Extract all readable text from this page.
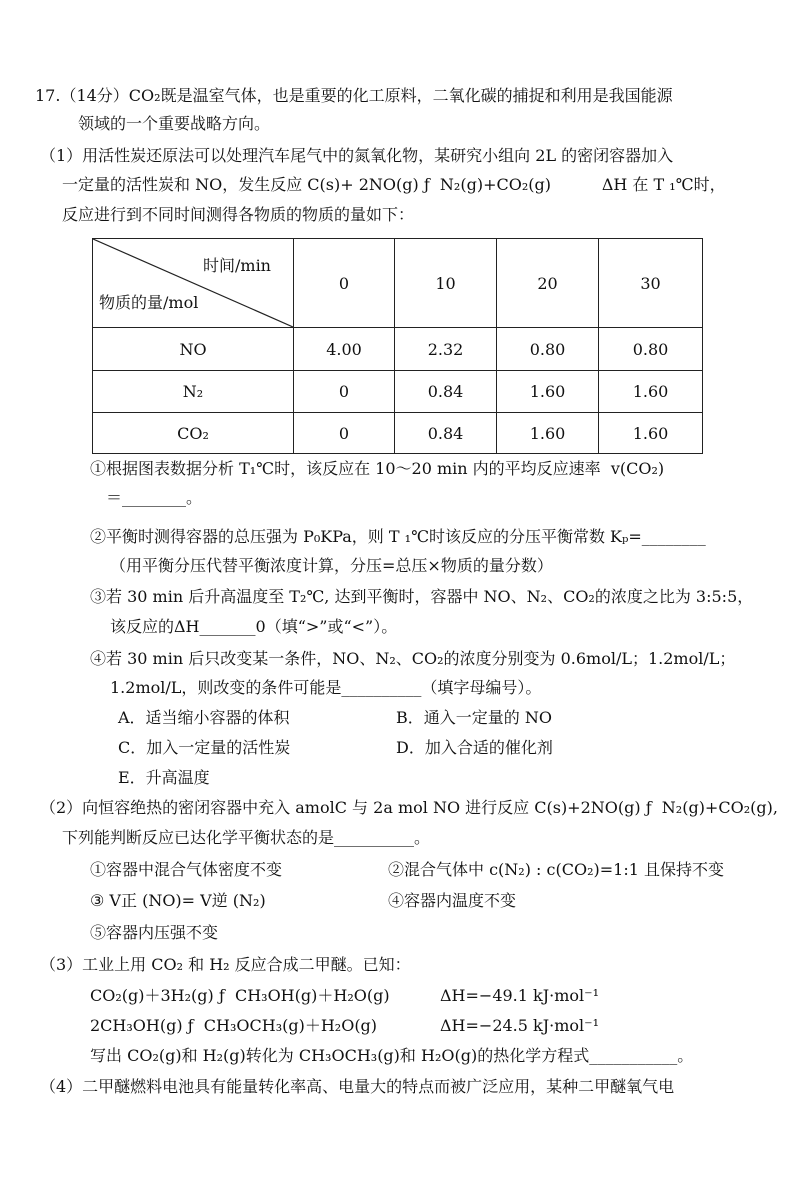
17.（14分）CO₂既是温室气体，也是重要的化工原料，二氧化碳的捕捉和利用是我国能源
领域的一个重要战略方向。
（1）用活性炭还原法可以处理汽车尾气中的氮氧化物，某研究小组向 2L 的密闭容器加入
一定量的活性炭和 NO，发生反应 C(s)+ 2NO(g) ƒ  N₂(g)+CO₂(g)          ΔH 在 T ₁℃时，
反应进行到不同时间测得各物质的物质的量如下：
时间/min
物质的量/mol	0	10	20	30
NO	4.00	2.32	0.80	0.80
N₂	0	0.84	1.60	1.60
CO₂	0	0.84	1.60	1.60
①根据图表数据分析 T₁℃时，该反应在 10～20 min 内的平均反应速率  v(CO₂)
＝________。
②平衡时测得容器的总压强为 P₀KPa，则 T ₁℃时该反应的分压平衡常数 Kₚ=________
（用平衡分压代替平衡浓度计算，分压=总压×物质的量分数）
③若 30 min 后升高温度至 T₂℃, 达到平衡时，容器中 NO、N₂、CO₂的浓度之比为 3:5:5，
该反应的ΔH_______0（填“>”或“<”）。
④若 30 min 后只改变某一条件，NO、N₂、CO₂的浓度分别变为 0.6mol/L；1.2mol/L；
1.2mol/L，则改变的条件可能是__________（填字母编号）。
A．适当缩小容器的体积	B．通入一定量的 NO
C．加入一定量的活性炭	D．加入合适的催化剂
E．升高温度
（2）向恒容绝热的密闭容器中充入 amolC 与 2a mol NO 进行反应 C(s)+2NO(g) ƒ  N₂(g)+CO₂(g),
下列能判断反应已达化学平衡状态的是__________。
①容器中混合气体密度不变	②混合气体中 c(N₂) : c(CO₂)=1:1 且保持不变
③ V正 (NO)= V逆 (N₂)	④容器内温度不变
⑤容器内压强不变
（3）工业上用 CO₂ 和 H₂ 反应合成二甲醚。已知：
CO₂(g)＋3H₂(g) ƒ  CH₃OH(g)＋H₂O(g)	ΔH=−49.1 kJ·mol⁻¹
2CH₃OH(g) ƒ  CH₃OCH₃(g)＋H₂O(g)	ΔH=−24.5 kJ·mol⁻¹
写出 CO₂(g)和 H₂(g)转化为 CH₃OCH₃(g)和 H₂O(g)的热化学方程式___________。
（4）二甲醚燃料电池具有能量转化率高、电量大的特点而被广泛应用，某种二甲醚氧气电
